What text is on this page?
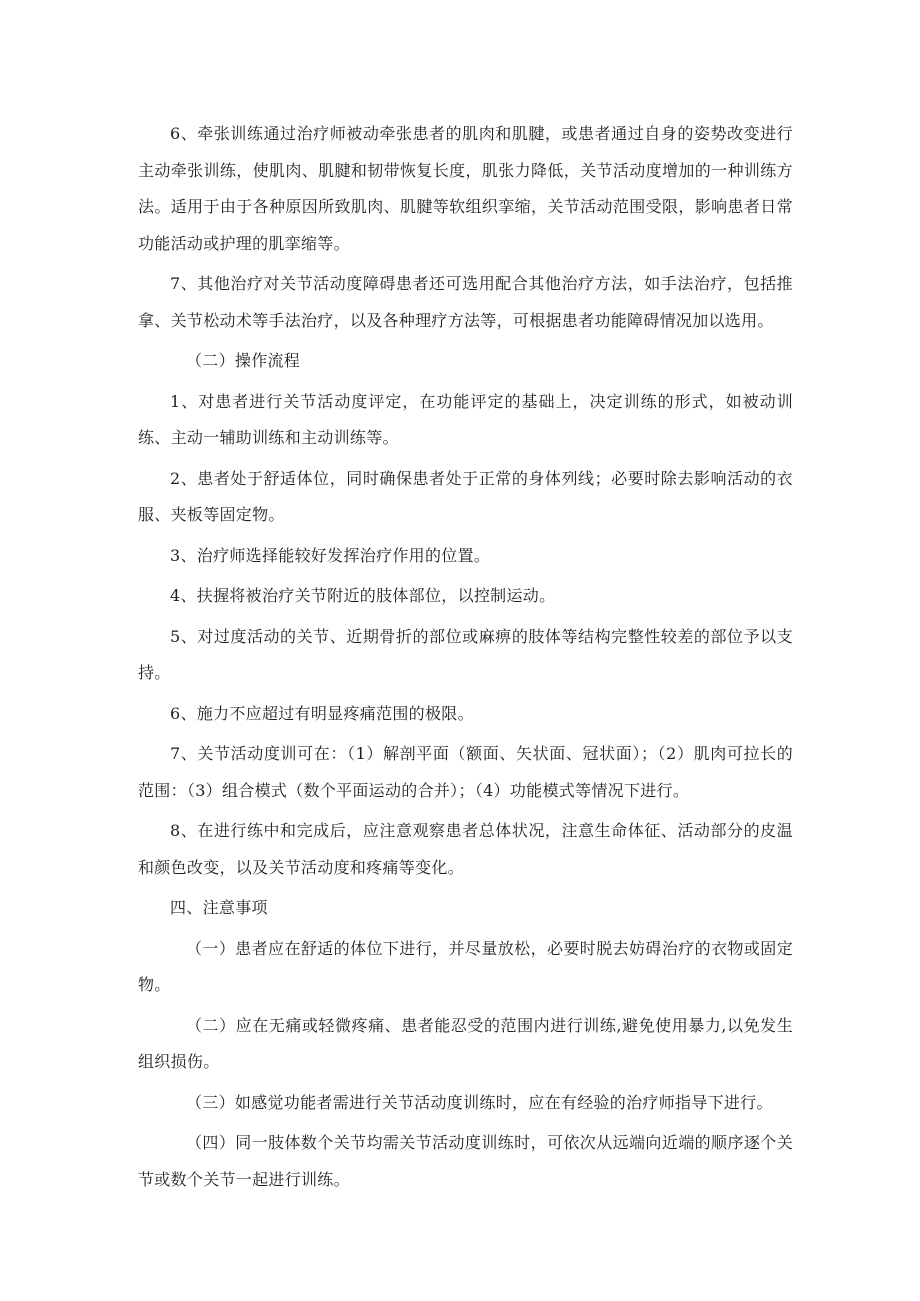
6、牵张训练通过治疗师被动牵张患者的肌肉和肌腱，或患者通过自身的姿势改变进行主动牵张训练，使肌肉、肌腱和韧带恢复长度，肌张力降低，关节活动度增加的一种训练方法。适用于由于各种原因所致肌肉、肌腱等软组织挛缩，关节活动范围受限，影响患者日常功能活动或护理的肌挛缩等。

7、其他治疗对关节活动度障碍患者还可选用配合其他治疗方法，如手法治疗，包括推拿、关节松动术等手法治疗，以及各种理疗方法等，可根据患者功能障碍情况加以选用。

（二）操作流程

1、对患者进行关节活动度评定，在功能评定的基础上，决定训练的形式，如被动训练、主动一辅助训练和主动训练等。

2、患者处于舒适体位，同时确保患者处于正常的身体列线；必要时除去影响活动的衣服、夹板等固定物。

3、治疗师选择能较好发挥治疗作用的位置。

4、扶握将被治疗关节附近的肢体部位，以控制运动。

5、对过度活动的关节、近期骨折的部位或麻痹的肢体等结构完整性较差的部位予以支持。

6、施力不应超过有明显疼痛范围的极限。

7、关节活动度训可在：（1）解剖平面（额面、矢状面、冠状面）；（2）肌肉可拉长的范围：（3）组合模式（数个平面运动的合并）；（4）功能模式等情况下进行。

8、在进行练中和完成后，应注意观察患者总体状况，注意生命体征、活动部分的皮温和颜色改变，以及关节活动度和疼痛等变化。

四、注意事项

（一）患者应在舒适的体位下进行，并尽量放松，必要时脱去妨碍治疗的衣物或固定物。

（二）应在无痛或轻微疼痛、患者能忍受的范围内进行训练,避免使用暴力,以免发生组织损伤。

（三）如感觉功能者需进行关节活动度训练时，应在有经验的治疗师指导下进行。

（四）同一肢体数个关节均需关节活动度训练时，可依次从远端向近端的顺序逐个关节或数个关节一起进行训练。
